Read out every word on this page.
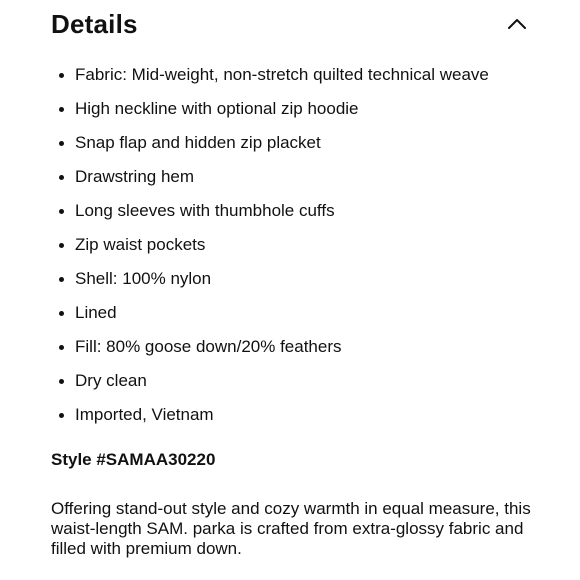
Details
Fabric: Mid-weight, non-stretch quilted technical weave
High neckline with optional zip hoodie
Snap flap and hidden zip placket
Drawstring hem
Long sleeves with thumbhole cuffs
Zip waist pockets
Shell: 100% nylon
Lined
Fill: 80% goose down/20% feathers
Dry clean
Imported, Vietnam
Style #SAMAA30220

Offering stand-out style and cozy warmth in equal measure, this waist-length SAM. parka is crafted from extra-glossy fabric and filled with premium down.
